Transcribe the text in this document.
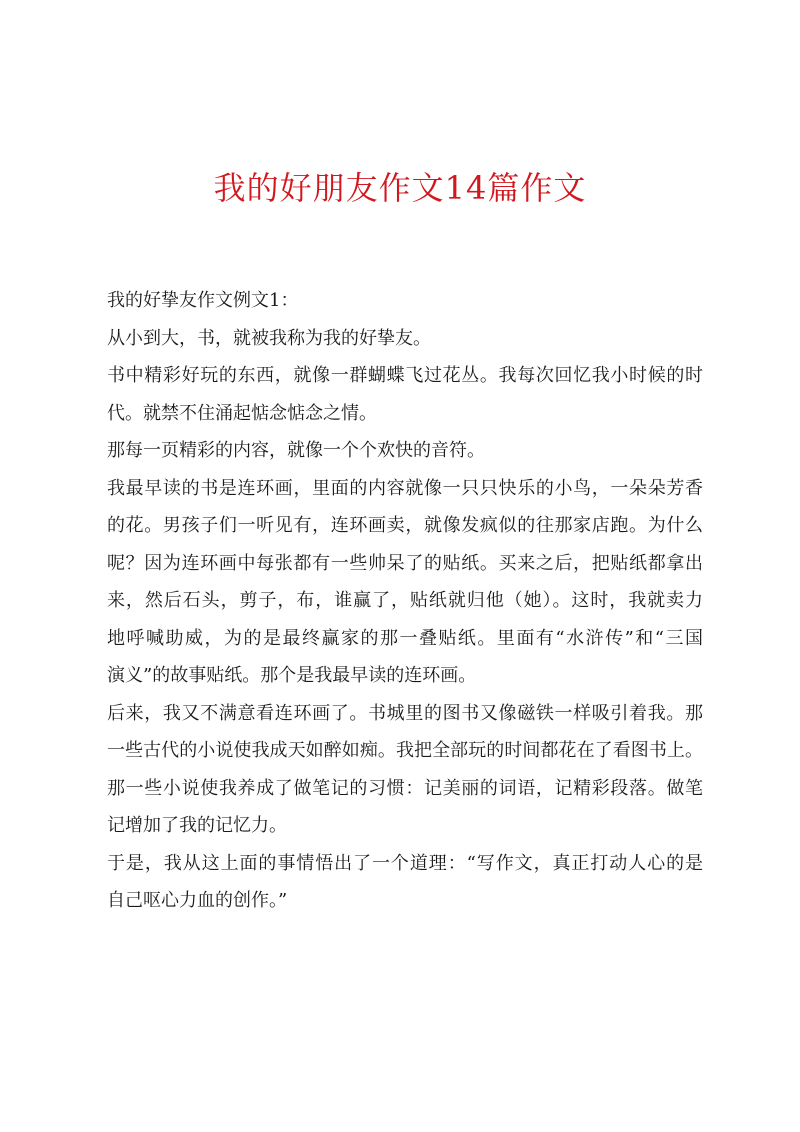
我的好朋友作文14篇作文

我的好挚友作文例文1：

从小到大，书，就被我称为我的好挚友。

书中精彩好玩的东西，就像一群蝴蝶飞过花丛。我每次回忆我小时候的时
代。就禁不住涌起惦念惦念之情。

那每一页精彩的内容，就像一个个欢快的音符。

我最早读的书是连环画，里面的内容就像一只只快乐的小鸟，一朵朵芳香
的花。男孩子们一听见有，连环画卖，就像发疯似的往那家店跑。为什么
呢？因为连环画中每张都有一些帅呆了的贴纸。买来之后，把贴纸都拿出
来，然后石头，剪子，布，谁赢了，贴纸就归他（她）。这时，我就卖力
地呼喊助威，为的是最终赢家的那一叠贴纸。里面有“水浒传”和“三国
演义”的故事贴纸。那个是我最早读的连环画。

后来，我又不满意看连环画了。书城里的图书又像磁铁一样吸引着我。那
一些古代的小说使我成天如醉如痴。我把全部玩的时间都花在了看图书上。
那一些小说使我养成了做笔记的习惯：记美丽的词语，记精彩段落。做笔
记增加了我的记忆力。

于是，我从这上面的事情悟出了一个道理：“写作文，真正打动人心的是
自己呕心力血的创作。”
